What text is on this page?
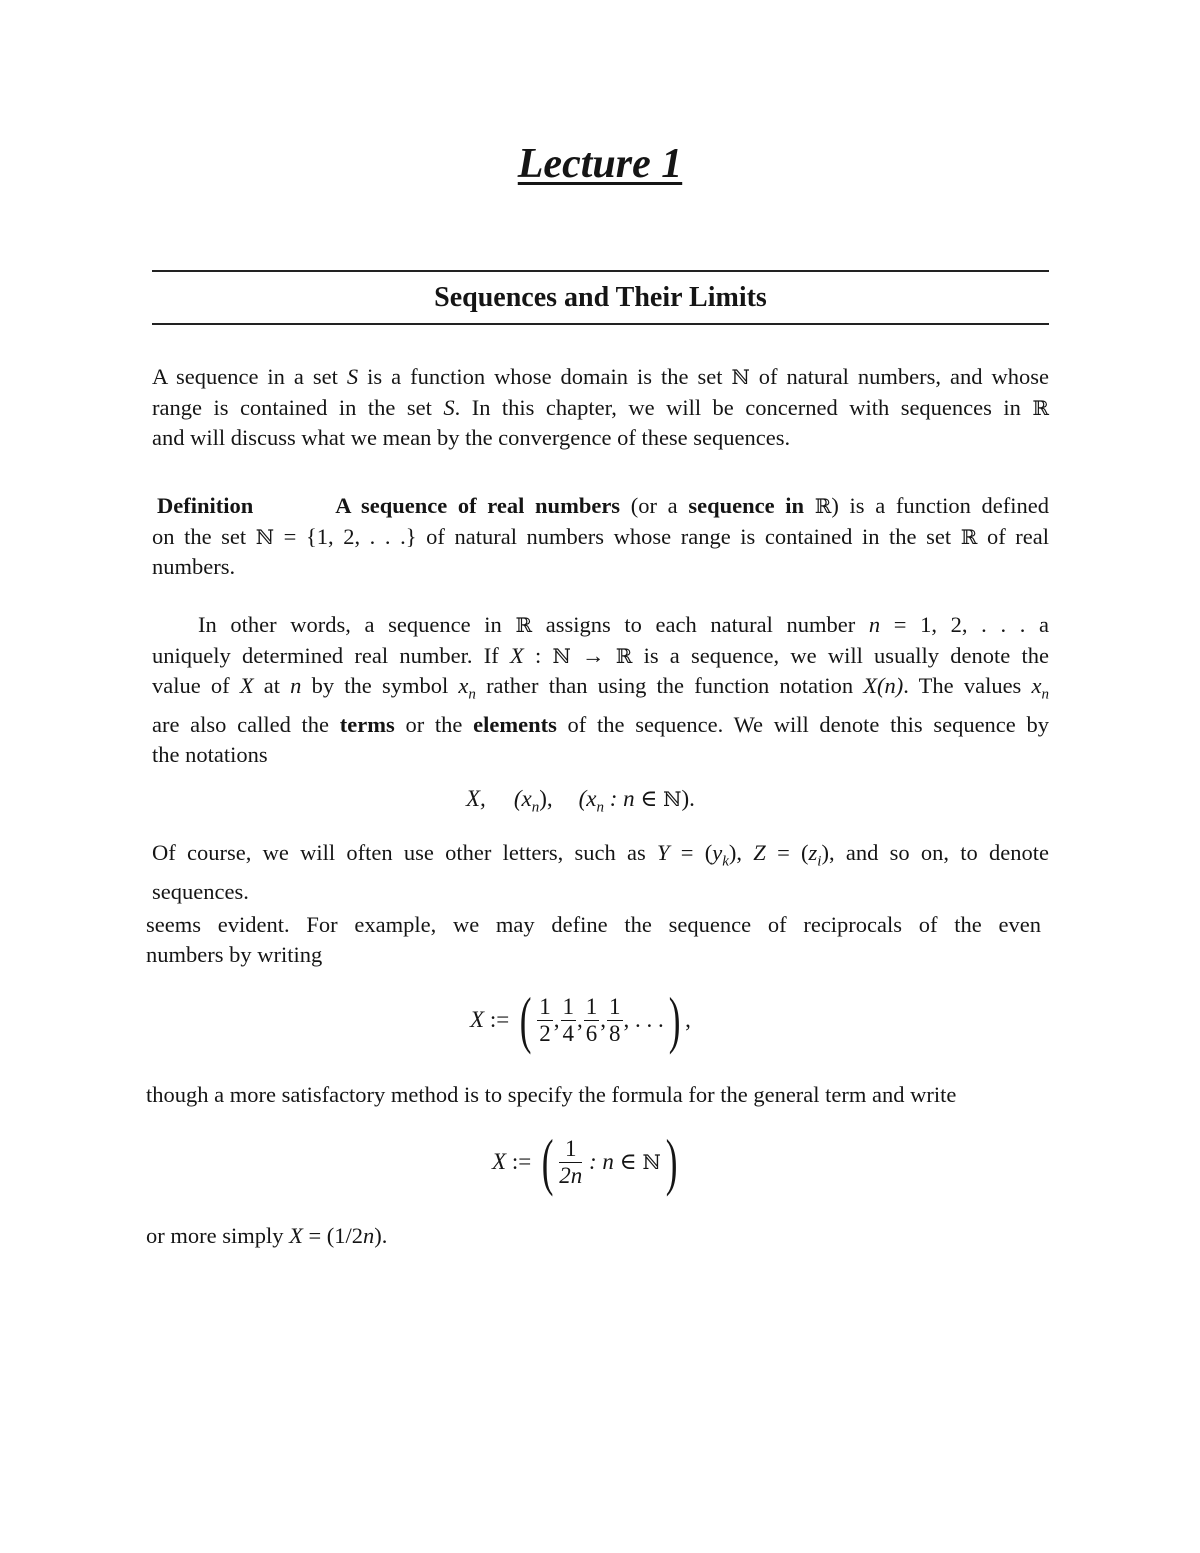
Lecture 1
Sequences and Their Limits
A sequence in a set S is a function whose domain is the set ℕ of natural numbers, and whose
range is contained in the set S. In this chapter, we will be concerned with sequences in ℝ
and will discuss what we mean by the convergence of these sequences.
Definition	A sequence of real numbers (or a sequence in ℝ) is a function defined
on the set ℕ = {1, 2, . . .} of natural numbers whose range is contained in the set ℝ of real
numbers.
In other words, a sequence in ℝ assigns to each natural number n = 1, 2, . . . a
uniquely determined real number. If X : ℕ → ℝ is a sequence, we will usually denote the
value of X at n by the symbol $x_n$ rather than using the function notation X(n). The values $x_n$
are also called the terms or the elements of the sequence. We will denote this sequence by
the notations
X, $(x_n)$, ($x_n$ : n ∈ ℕ).
Of course, we will often use other letters, such as $Y = (y_k)$, $Z = (z_i)$, and so on, to denote
sequences.
seems evident. For example, we may define the sequence of reciprocals of the even
numbers by writing
X := ( $\frac{1}{2}$ , $\frac{1}{4}$ , $\frac{1}{6}$ , $\frac{1}{8}$ , . . .) ,
though a more satisfactory method is to specify the formula for the general term and write
X := ( $\frac{1}{2n}$ : n ∈ ℕ)
or more simply X = (1/2n).
